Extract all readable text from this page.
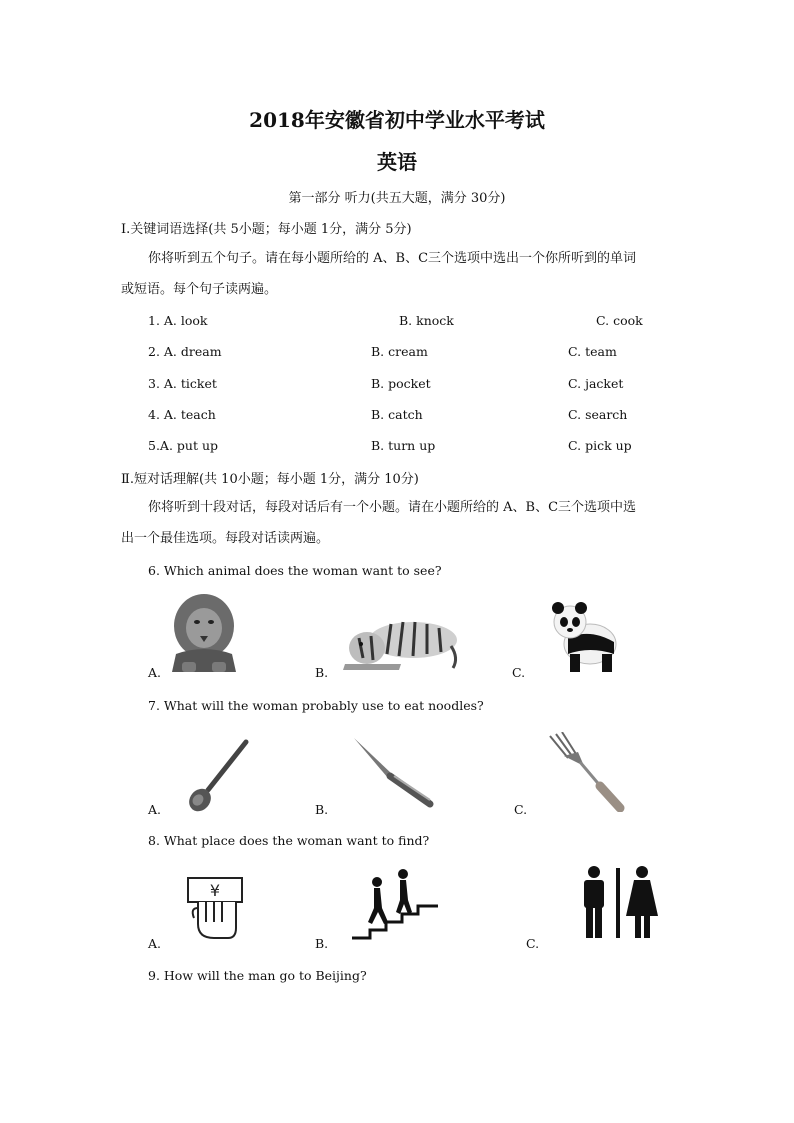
2018年安徽省初中学业水平考试
英语
第一部分 听力(共五大题，满分 30分)
Ⅰ.关键词语选择(共 5小题；每小题 1分，满分 5分)
你将听到五个句子。请在每小题所给的 A、B、C三个选项中选出一个你所听到的单词
或短语。每个句子读两遍。
1. A. look	B. knock	C. cook
2. A. dream	B. cream	C. team
3. A. ticket	B. pocket	C. jacket
4. A. teach	B. catch	C. search
5.A. put up	B. turn up	C. pick up
Ⅱ.短对话理解(共 10小题；每小题 1分，满分 10分)
你将听到十段对话，每段对话后有一个小题。请在小题所给的 A、B、C三个选项中选
出一个最佳选项。每段对话读两遍。
6. Which animal does the woman want to see?
A.	B.	C.
7. What will the woman probably use to eat noodles?
A.	B.	C.
8. What place does the woman want to find?
¥
A.	B.	C.
9. How will the man go to Beijing?
